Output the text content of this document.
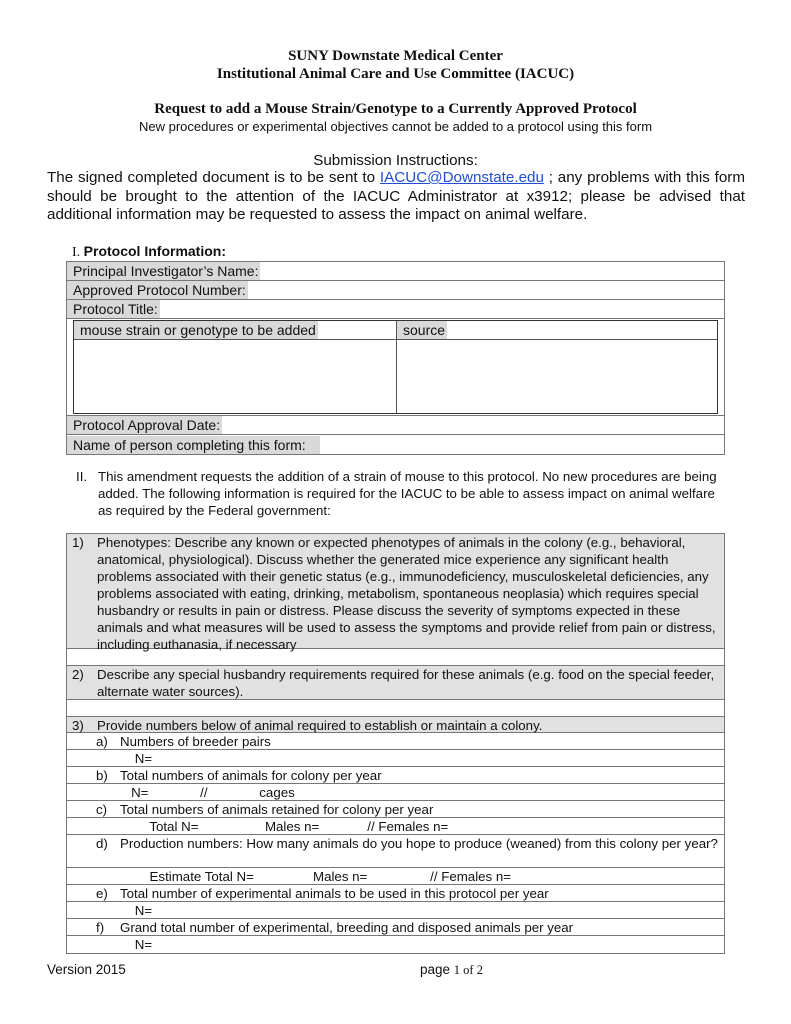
SUNY Downstate Medical Center
Institutional Animal Care and Use Committee (IACUC)
Request to add a Mouse Strain/Genotype to a Currently Approved Protocol
New procedures or experimental objectives cannot be added to a protocol using this form
Submission Instructions:
The signed completed document is to be sent to IACUC@Downstate.edu ; any problems with this form should be brought to the attention of the IACUC Administrator at x3912; please be advised that additional information may be requested to assess the impact on animal welfare.
I. Protocol Information:
Principal Investigator’s Name:
Approved Protocol Number:
Protocol Title:
mouse strain or genotype to be added	source
Protocol Approval Date:
Name of person completing this form:
II. This amendment requests the addition of a strain of mouse to this protocol. No new procedures are being added. The following information is required for the IACUC to be able to assess impact on animal welfare as required by the Federal government:
1) Phenotypes: Describe any known or expected phenotypes of animals in the colony (e.g., behavioral, anatomical, physiological). Discuss whether the generated mice experience any significant health problems associated with their genetic status (e.g., immunodeficiency, musculoskeletal deficiencies, any problems associated with eating, drinking, metabolism, spontaneous neoplasia) which requires special husbandry or results in pain or distress. Please discuss the severity of symptoms expected in these animals and what measures will be used to assess the symptoms and provide relief from pain or distress, including euthanasia, if necessary
2) Describe any special husbandry requirements required for these animals (e.g. food on the special feeder, alternate water sources).
3) Provide numbers below of animal required to establish or maintain a colony.
a) Numbers of breeder pairs
N=
b) Total numbers of animals for colony per year
N=              //              cages
c) Total numbers of animals retained for colony per year
Total N=                  Males n=             // Females n=
d) Production numbers: How many animals do you hope to produce (weaned) from this colony per year?
Estimate Total N=                Males n=                 // Females n=
e) Total number of experimental animals to be used in this protocol per year
N=
f)	Grand total number of experimental, breeding and disposed animals per year
N=
Version 2015	page 1 of 2
